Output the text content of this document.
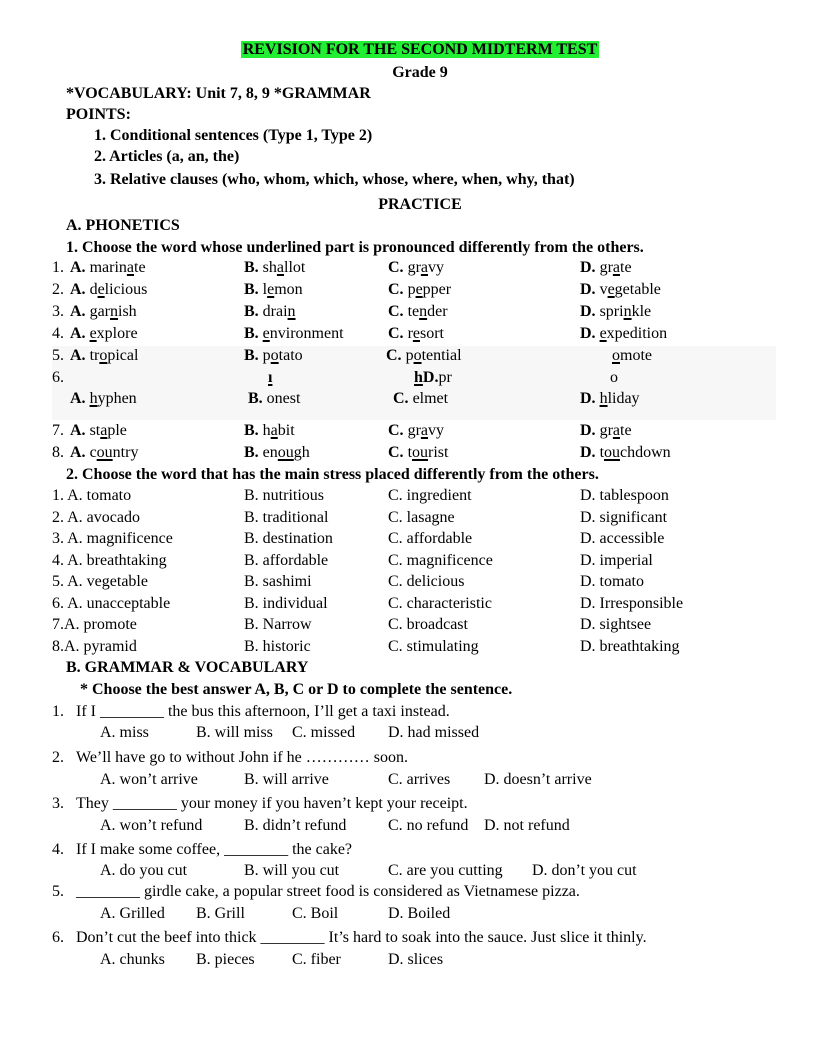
REVISION FOR THE SECOND MIDTERM TEST
Grade 9
*VOCABULARY: Unit 7, 8, 9 *GRAMMAR
POINTS:
1. Conditional sentences (Type 1, Type 2)
2. Articles (a, an, the)
3. Relative clauses (who, whom, which, whose, where, when, why, that)
PRACTICE
A. PHONETICS
1. Choose the word whose underlined part is pronounced differently from the others.
1. A. marinate	B. shallot	C. gravy	D. grate
2. A. delicious	B. lemon	C. pepper	D. vegetable
3. A. garnish	B. drain	C. tender	D. sprinkle
4. A. explore	B. environment	C. resort	D. expedition
5. A. tropical	B. potato	C. potential	omote
6.	ı	hD.pr	o
A. hyphen	B. onest	C. elmet	D. hliday
7. A. staple	B. habit	C. gravy	D. grate
8. A. country	B. enough	C. tourist	D. touchdown
2. Choose the word that has the main stress placed differently from the others.
1. A. tomato	B. nutritious	C. ingredient	D. tablespoon
2. A. avocado	B. traditional	C. lasagne	D. significant
3. A. magnificence	B. destination	C. affordable	D. accessible
4. A. breathtaking	B. affordable	C. magnificence	D. imperial
5. A. vegetable	B. sashimi	C. delicious	D. tomato
6. A. unacceptable	B. individual	C. characteristic	D. Irresponsible
7.A. promote	B. Narrow	C. broadcast	D. sightsee
8.A. pyramid	B. historic	C. stimulating	D. breathtaking
B. GRAMMAR & VOCABULARY
* Choose the best answer A, B, C or D to complete the sentence.
1. If I ________ the bus this afternoon, I’ll get a taxi instead.
A. miss	B. will miss C. missed D. had missed
2. We’ll have go to without John if he ………… soon.
A. won’t arrive	B. will arrive	C. arrives D. doesn’t arrive
3. They ________ your money if you haven’t kept your receipt.
A. won’t refund	B. didn’t refund	C. no refund D. not refund
4. If I make some coffee, ________ the cake?
A. do you cut	B. will you cut	C. are you cutting D. don’t you cut
5. ________ girdle cake, a popular street food is considered as Vietnamese pizza.
A. Grilled B. Grill	C. Boil	D. Boiled
6. Don’t cut the beef into thick ________ It’s hard to soak into the sauce. Just slice it thinly.
A. chunks B. pieces C. fiber	D. slices
